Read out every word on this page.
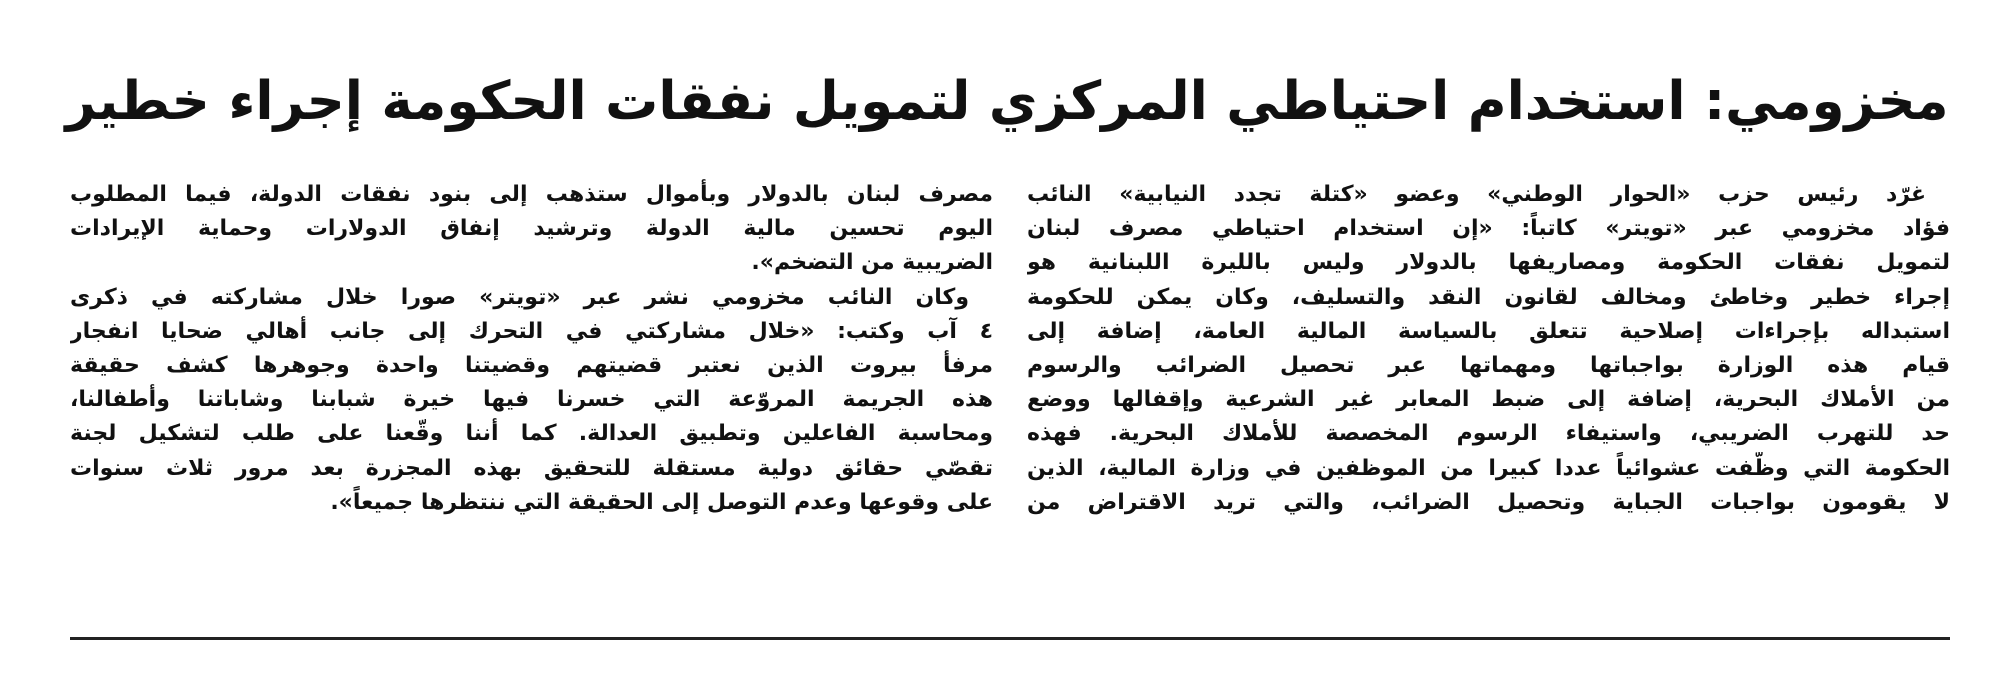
مخزومي: استخدام احتياطي المركزي لتمويل نفقات الحكومة إجراء خطير
غرّد رئيس حزب «الحوار الوطني» وعضو «كتلة تجدد النيابية» النائب
فؤاد مخزومي عبر «تويتر» كاتباً: «إن استخدام احتياطي مصرف لبنان
لتمويل نفقات الحكومة ومصاريفها بالدولار وليس بالليرة اللبنانية هو
إجراء خطير وخاطئ ومخالف لقانون النقد والتسليف، وكان يمكن للحكومة
استبداله بإجراءات إصلاحية تتعلق بالسياسة المالية العامة، إضافة إلى
قيام هذه الوزارة بواجباتها ومهماتها عبر تحصيل الضرائب والرسوم
من الأملاك البحرية، إضافة إلى ضبط المعابر غير الشرعية وإقفالها ووضع
حد للتهرب الضريبي، واستيفاء الرسوم المخصصة للأملاك البحرية. فهذه
الحكومة التي وظّفت عشوائياً عددا كبيرا من الموظفين في وزارة المالية، الذين
لا يقومون بواجبات الجباية وتحصيل الضرائب، والتي تريد الاقتراض من
مصرف لبنان بالدولار وبأموال ستذهب إلى بنود نفقات الدولة، فيما المطلوب
اليوم تحسين مالية الدولة وترشيد إنفاق الدولارات وحماية الإيرادات
الضريبية من التضخم».
وكان النائب مخزومي نشر عبر «تويتر» صورا خلال مشاركته في ذكرى
٤ آب وكتب: «خلال مشاركتي في التحرك إلى جانب أهالي ضحايا انفجار
مرفأ بيروت الذين نعتبر قضيتهم وقضيتنا واحدة وجوهرها كشف حقيقة
هذه الجريمة المروّعة التي خسرنا فيها خيرة شبابنا وشاباتنا وأطفالنا،
ومحاسبة الفاعلين وتطبيق العدالة. كما أننا وقّعنا على طلب لتشكيل لجنة
تقصّي حقائق دولية مستقلة للتحقيق بهذه المجزرة بعد مرور ثلاث سنوات
على وقوعها وعدم التوصل إلى الحقيقة التي ننتظرها جميعاً».
